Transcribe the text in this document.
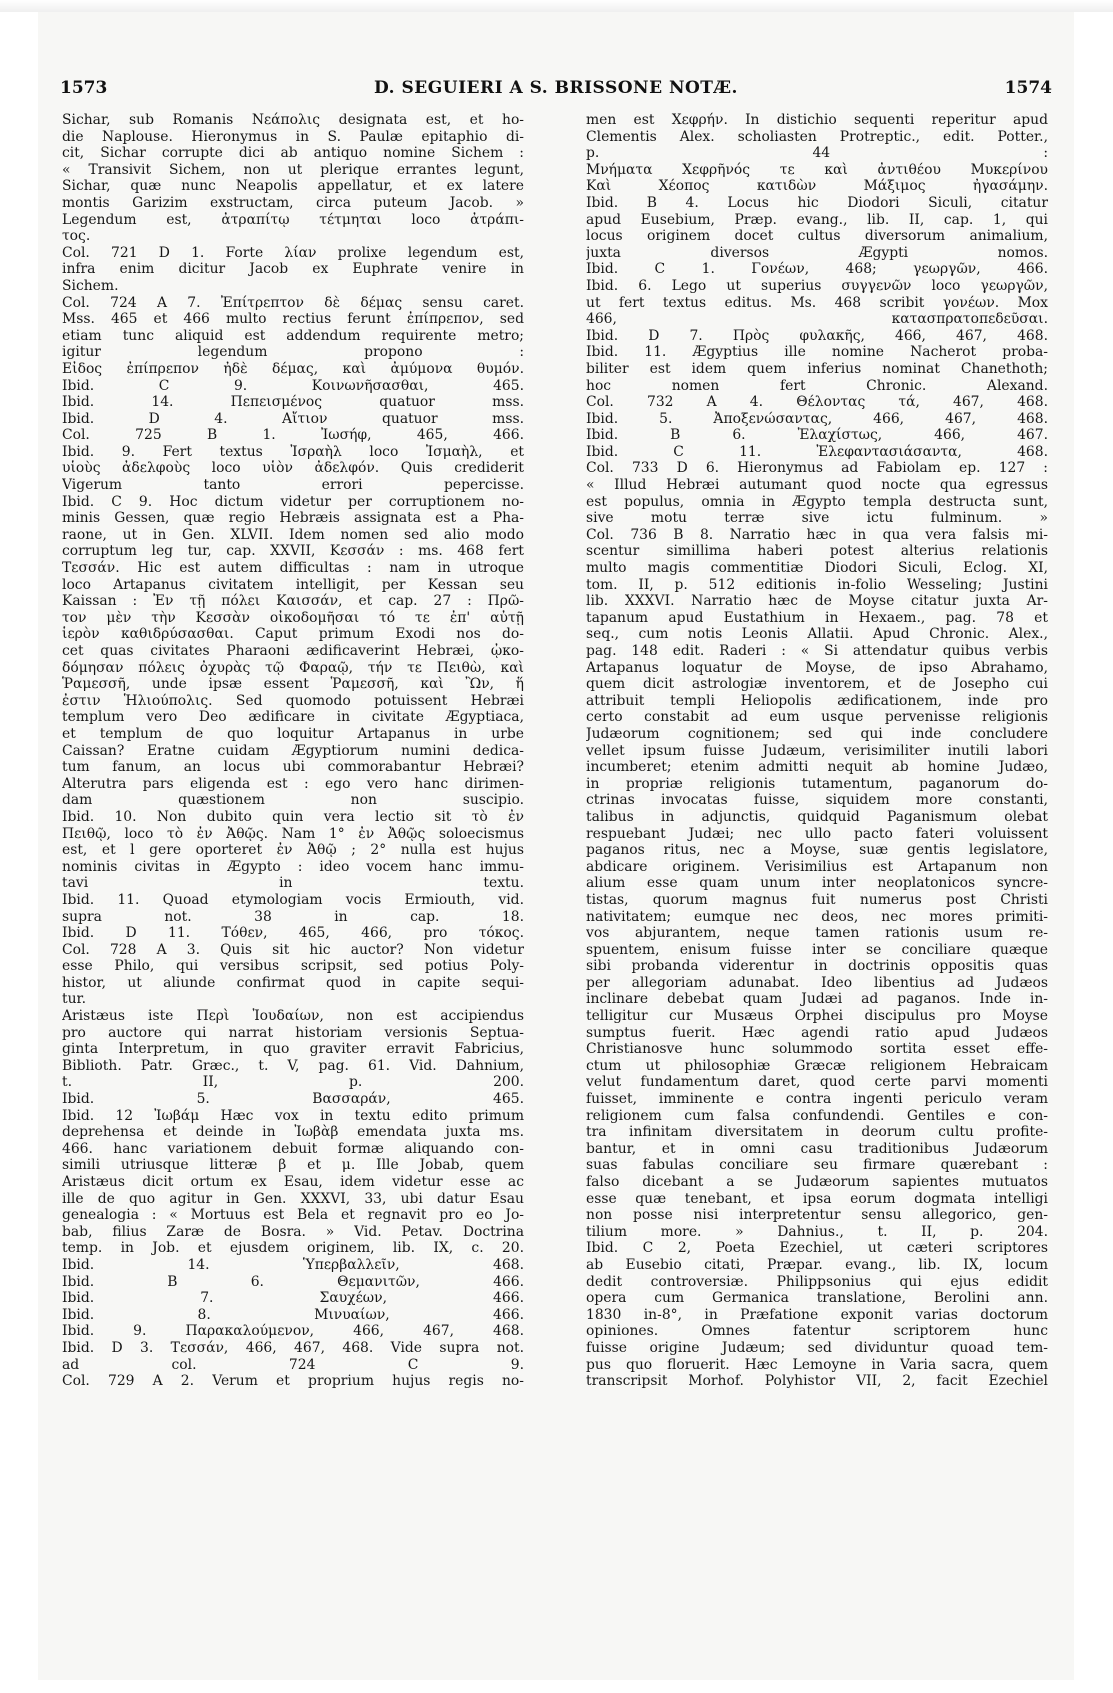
1573	D. SEGUIERI A S. BRISSONE NOTÆ.	1574
Sichar, sub Romanis Νεάπολις designata est, et ho-
die Naplouse. Hieronymus in S. Paulæ epitaphio di-
cit, Sichar corrupte dici ab antiquo nomine Sichem :
« Transivit Sichem, non ut plerique errantes legunt,
Sichar, quæ nunc Neapolis appellatur, et ex latere
montis Garizim exstructam, circa puteum Jacob. »
Legendum est, ἀτραπίτῳ τέτμηται loco ἀτράπι-
τος.
Col. 721 D 1. Forte λίαν prolixe legendum est,
infra enim dicitur Jacob ex Euphrate venire in
Sichem.
Col. 724 A 7. Ἐπίτρεπτον δὲ δέμας sensu caret.
Mss. 465 et 466 multo rectius ferunt ἐπίπρεπον, sed
etiam tunc aliquid est addendum requirente metro;
igitur legendum propono :
Εἶδος ἐπίπρεπον ἠδὲ δέμας, καὶ ἀμύμονα θυμόν.
Ibid. C 9. Κοινωνῆσασθαι, 465.
Ibid. 14. Πεπεισμένος quatuor mss.
Ibid. D 4. Αἴτιον quatuor mss.
Col. 725 B 1. Ἰωσήφ, 465, 466.
Ibid. 9. Fert textus Ἰσραὴλ loco Ἰσμαὴλ, et
υἱοὺς ἀδελφοὺς loco υἱὸν ἀδελφόν. Quis crediderit
Vigerum tanto errori pepercisse.
Ibid. C 9. Hoc dictum videtur per corruptionem no-
minis Gessen, quæ regio Hebræis assignata est a Pha-
raone, ut in Gen. XLVII. Idem nomen sed alio modo
corruptum leg tur, cap. XXVII, Κεσσάν : ms. 468 fert
Τεσσάν. Hic est autem difficultas : nam in utroque
loco Artapanus civitatem intelligit, per Kessan seu
Kaissan : Ἐν τῇ πόλει Καισσάν, et cap. 27 : Πρῶ-
τον μὲν τὴν Κεσσὰν οἰκοδομῆσαι τό τε ἐπ' αὐτῇ
ἱερὸν καθιδρύσασθαι. Caput primum Exodi nos do-
cet quas civitates Pharaoni ædificaverint Hebræi, ᾠκο-
δόμησαν πόλεις ὀχυρὰς τῷ Φαραῷ, τήν τε Πειθὼ, καὶ
Ῥαμεσσῆ, unde ipsæ essent Ῥαμεσσῆ, καὶ Ὢν, ἥ
ἐστιν Ἡλιούπολις. Sed quomodo potuissent Hebræi
templum vero Deo ædificare in civitate Ægyptiaca,
et templum de quo loquitur Artapanus in urbe
Caissan? Eratne cuidam Ægyptiorum numini dedica-
tum fanum, an locus ubi commorabantur Hebræi?
Alterutra pars eligenda est : ego vero hanc dirimen-
dam quæstionem non suscipio.
Ibid. 10. Non dubito quin vera lectio sit τὸ ἐν
Πειθῷ, loco τὸ ἐν Ἀθῷς. Nam 1° ἐν Ἀθῷς soloecismus
est, et l gere oporteret ἐν Ἀθῷ ; 2° nulla est hujus
nominis civitas in Ægypto : ideo vocem hanc immu-
tavi in textu.
Ibid. 11. Quoad etymologiam vocis Ermiouth, vid.
supra not. 38 in cap. 18.
Ibid. D 11. Τόθεν, 465, 466, pro τόκος.
Col. 728 A 3. Quis sit hic auctor? Non videtur
esse Philo, qui versibus scripsit, sed potius Poly-
histor, ut aliunde confirmat quod in capite sequi-
tur.
Aristæus iste Περὶ Ἰουδαίων, non est accipiendus
pro auctore qui narrat historiam versionis Septua-
ginta Interpretum, in quo graviter erravit Fabricius,
Biblioth. Patr. Græc., t. V, pag. 61. Vid. Dahnium,
t. II, p. 200.
Ibid. 5. Βασσαράν, 465.
Ibid. 12 Ἰωβάμ Hæc vox in textu edito primum
deprehensa et deinde in Ἰωβὰβ emendata juxta ms.
466. hanc variationem debuit formæ aliquando con-
simili utriusque litteræ β et μ. Ille Jobab, quem
Aristæus dicit ortum ex Esau, idem videtur esse ac
ille de quo agitur in Gen. XXXVI, 33, ubi datur Esau
genealogia : « Mortuus est Bela et regnavit pro eo Jo-
bab, filius Zaræ de Bosra. » Vid. Petav. Doctrina
temp. in Job. et ejusdem originem, lib. IX, c. 20.
Ibid. 14. Ὑπερβαλλεῖν, 468.
Ibid. B 6. Θεμανιτῶν, 466.
Ibid. 7. Σαυχέων, 466.
Ibid. 8. Μινυαίων, 466.
Ibid. 9. Παρακαλούμενον, 466, 467, 468.
Ibid. D 3. Τεσσάν, 466, 467, 468. Vide supra not.
ad col. 724 C 9.
Col. 729 A 2. Verum et proprium hujus regis no-
men est Χεφρήν. In distichio sequenti reperitur apud
Clementis Alex. scholiasten Protreptic., edit. Potter.,
p. 44 :
Μνήματα Χεφρῆνός τε καὶ ἀντιθέου Μυκερίνου
Καὶ Χέοπος κατιδὼν Μάξιμος ἠγασάμην.
Ibid. B 4. Locus hic Diodori Siculi, citatur
apud Eusebium, Præp. evang., lib. II, cap. 1, qui
locus originem docet cultus diversorum animalium,
juxta diversos Ægypti nomos.
Ibid. C 1. Γονέων, 468; γεωργῶν, 466.
Ibid. 6. Lego ut superius συγγενῶν loco γεωργῶν,
ut fert textus editus. Ms. 468 scribit γονέων. Mox
466, κατασπρατοπεδεῦσαι.
Ibid. D 7. Πρὸς φυλακῆς, 466, 467, 468.
Ibid. 11. Ægyptius ille nomine Nacherot proba-
biliter est idem quem inferius nominat Chanethoth;
hoc nomen fert Chronic. Alexand.
Col. 732 A 4. Θέλοντας τά, 467, 468.
Ibid. 5. Ἀποξενώσαντας, 466, 467, 468.
Ibid. B 6. Ἐλαχίστως, 466, 467.
Ibid. C 11. Ἐλεφαντασιάσαντα, 468.
Col. 733 D 6. Hieronymus ad Fabiolam ep. 127 :
« Illud Hebræi autumant quod nocte qua egressus
est populus, omnia in Ægypto templa destructa sunt,
sive motu terræ sive ictu fulminum. »
Col. 736 B 8. Narratio hæc in qua vera falsis mi-
scentur simillima haberi potest alterius relationis
multo magis commentitiæ Diodori Siculi, Eclog. XI,
tom. II, p. 512 editionis in-folio Wesseling; Justini
lib. XXXVI. Narratio hæc de Moyse citatur juxta Ar-
tapanum apud Eustathium in Hexaem., pag. 78 et
seq., cum notis Leonis Allatii. Apud Chronic. Alex.,
pag. 148 edit. Raderi : « Si attendatur quibus verbis
Artapanus loquatur de Moyse, de ipso Abrahamo,
quem dicit astrologiæ inventorem, et de Josepho cui
attribuit templi Heliopolis ædificationem, inde pro
certo constabit ad eum usque pervenisse religionis
Judæorum cognitionem; sed qui inde concludere
vellet ipsum fuisse Judæum, verisimiliter inutili labori
incumberet; etenim admitti nequit ab homine Judæo,
in propriæ religionis tutamentum, paganorum do-
ctrinas invocatas fuisse, siquidem more constanti,
talibus in adjunctis, quidquid Paganismum olebat
respuebant Judæi; nec ullo pacto fateri voluissent
paganos ritus, nec a Moyse, suæ gentis legislatore,
abdicare originem. Verisimilius est Artapanum non
alium esse quam unum inter neoplatonicos syncre-
tistas, quorum magnus fuit numerus post Christi
nativitatem; eumque nec deos, nec mores primiti-
vos abjurantem, neque tamen rationis usum re-
spuentem, enisum fuisse inter se conciliare quæque
sibi probanda viderentur in doctrinis oppositis quas
per allegoriam adunabat. Ideo libentius ad Judæos
inclinare debebat quam Judæi ad paganos. Inde in-
telligitur cur Musæus Orphei discipulus pro Moyse
sumptus fuerit. Hæc agendi ratio apud Judæos
Christianosve hunc solummodo sortita esset effe-
ctum ut philosophiæ Græcæ religionem Hebraicam
velut fundamentum daret, quod certe parvi momenti
fuisset, imminente e contra ingenti periculo veram
religionem cum falsa confundendi. Gentiles e con-
tra infinitam diversitatem in deorum cultu profite-
bantur, et in omni casu traditionibus Judæorum
suas fabulas conciliare seu firmare quærebant :
falso dicebant a se Judæorum sapientes mutuatos
esse quæ tenebant, et ipsa eorum dogmata intelligi
non posse nisi interpretentur sensu allegorico, gen-
tilium more. » Dahnius., t. II, p. 204.
Ibid. C 2, Poeta Ezechiel, ut cæteri scriptores
ab Eusebio citati, Præpar. evang., lib. IX, locum
dedit controversiæ. Philippsonius qui ejus edidit
opera cum Germanica translatione, Berolini ann.
1830 in-8°, in Præfatione exponit varias doctorum
opiniones. Omnes fatentur scriptorem hunc
fuisse origine Judæum; sed dividuntur quoad tem-
pus quo floruerit. Hæc Lemoyne in Varia sacra, quem
transcripsit Morhof. Polyhistor VII, 2, facit Ezechiel
